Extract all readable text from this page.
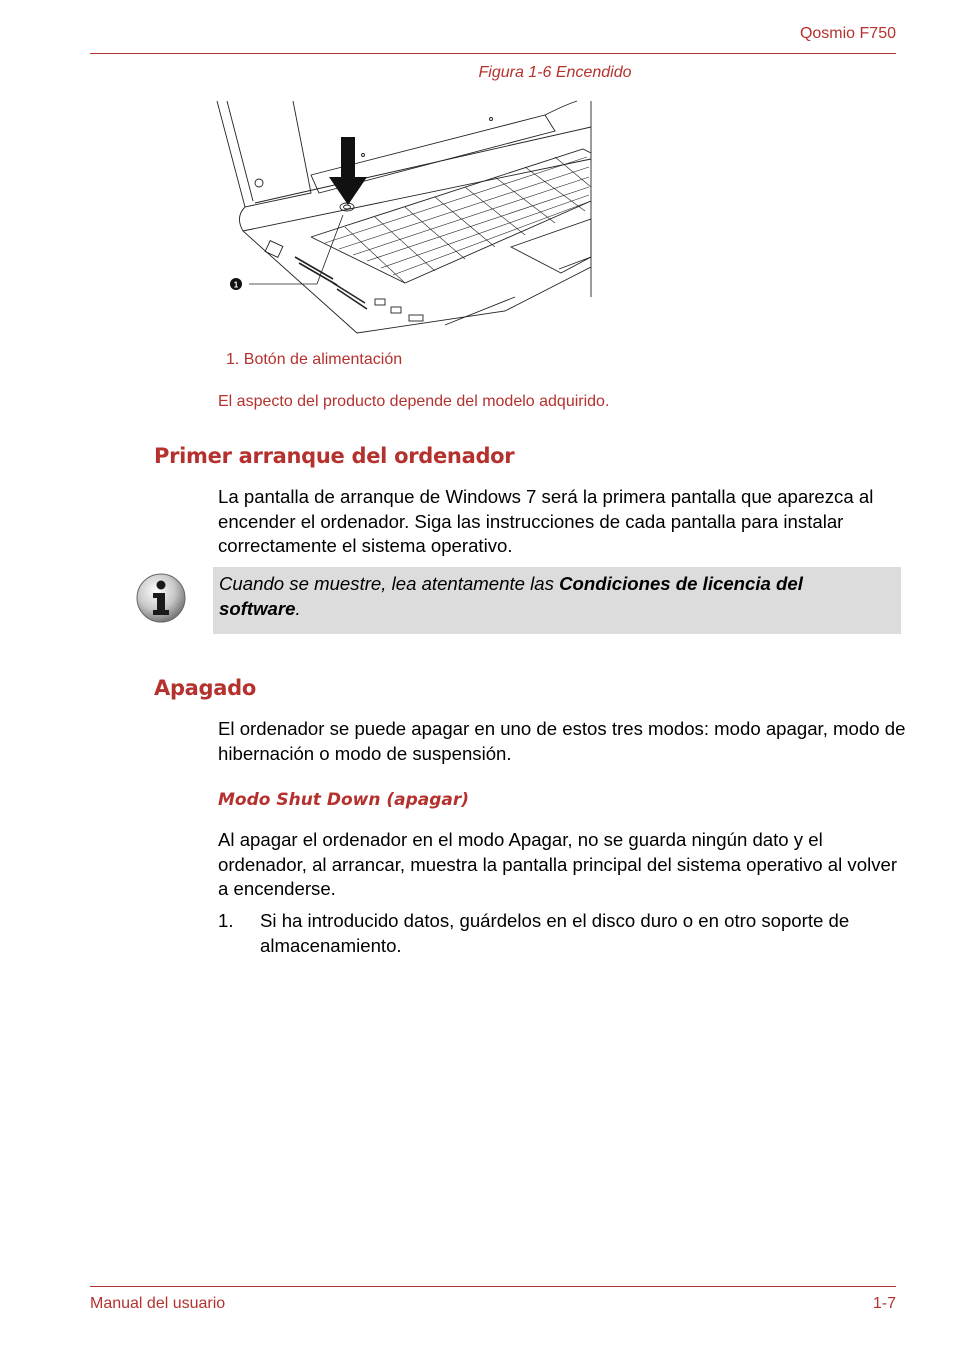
Qosmio F750
Figura 1-6 Encendido
1
1. Botón de alimentación
El aspecto del producto depende del modelo adquirido.
Primer arranque del ordenador

La pantalla de arranque de Windows 7 será la primera pantalla que aparezca al encender el ordenador. Siga las instrucciones de cada pantalla para instalar correctamente el sistema operativo.

Cuando se muestre, lea atentamente las Condiciones de licencia del software.
Apagado

El ordenador se puede apagar en uno de estos tres modos: modo apagar, modo de hibernación o modo de suspensión.

Modo Shut Down (apagar)

Al apagar el ordenador en el modo Apagar, no se guarda ningún dato y el ordenador, al arrancar, muestra la pantalla principal del sistema operativo al volver a encenderse.

1. Si ha introducido datos, guárdelos en el disco duro o en otro soporte de almacenamiento.
Manual del usuario	1-7
